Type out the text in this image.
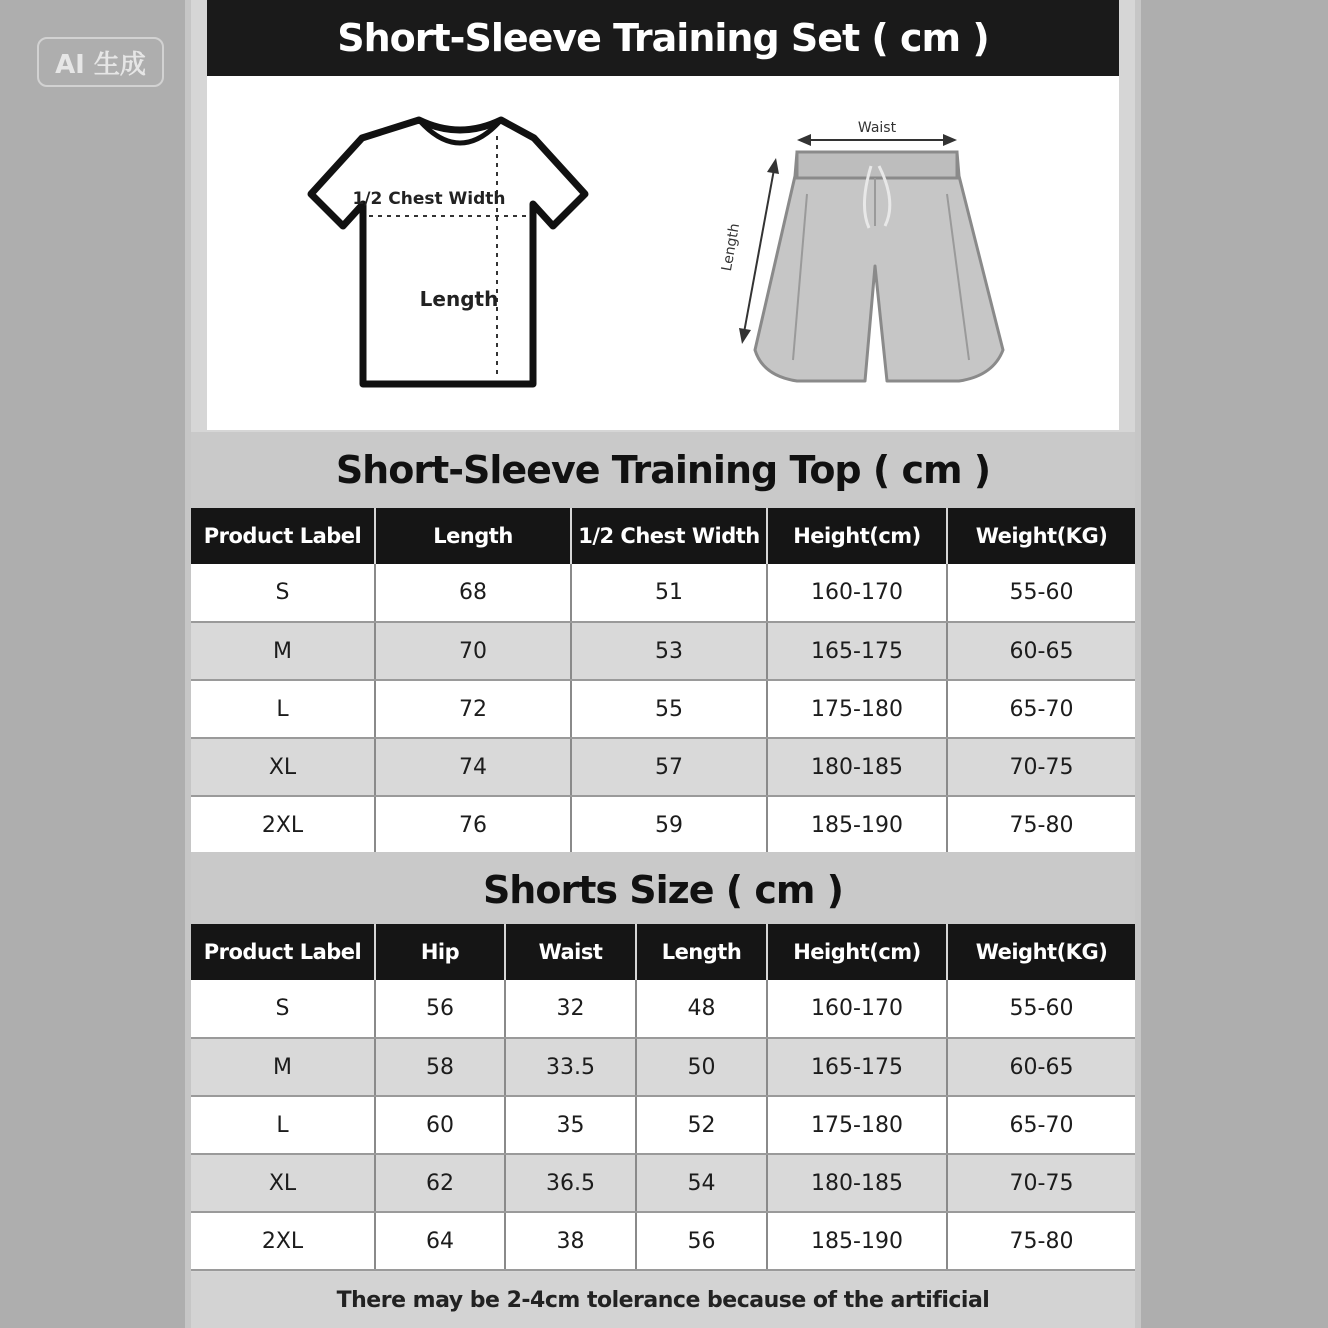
AI 生成
Short-Sleeve Training Set ( cm )
1/2 Chest Width
Length
Waist
Length
Short-Sleeve Training Top ( cm )
Product Label	Length	1/2 Chest Width	Height(cm)	Weight(KG)
S	68	51	160-170	55-60
M	70	53	165-175	60-65
L	72	55	175-180	65-70
XL	74	57	180-185	70-75
2XL	76	59	185-190	75-80
Shorts Size ( cm )
Product Label	Hip	Waist	Length	Height(cm)	Weight(KG)
S	56	32	48	160-170	55-60
M	58	33.5	50	165-175	60-65
L	60	35	52	175-180	65-70
XL	62	36.5	54	180-185	70-75
2XL	64	38	56	185-190	75-80
There may be 2-4cm tolerance because of the artificial
